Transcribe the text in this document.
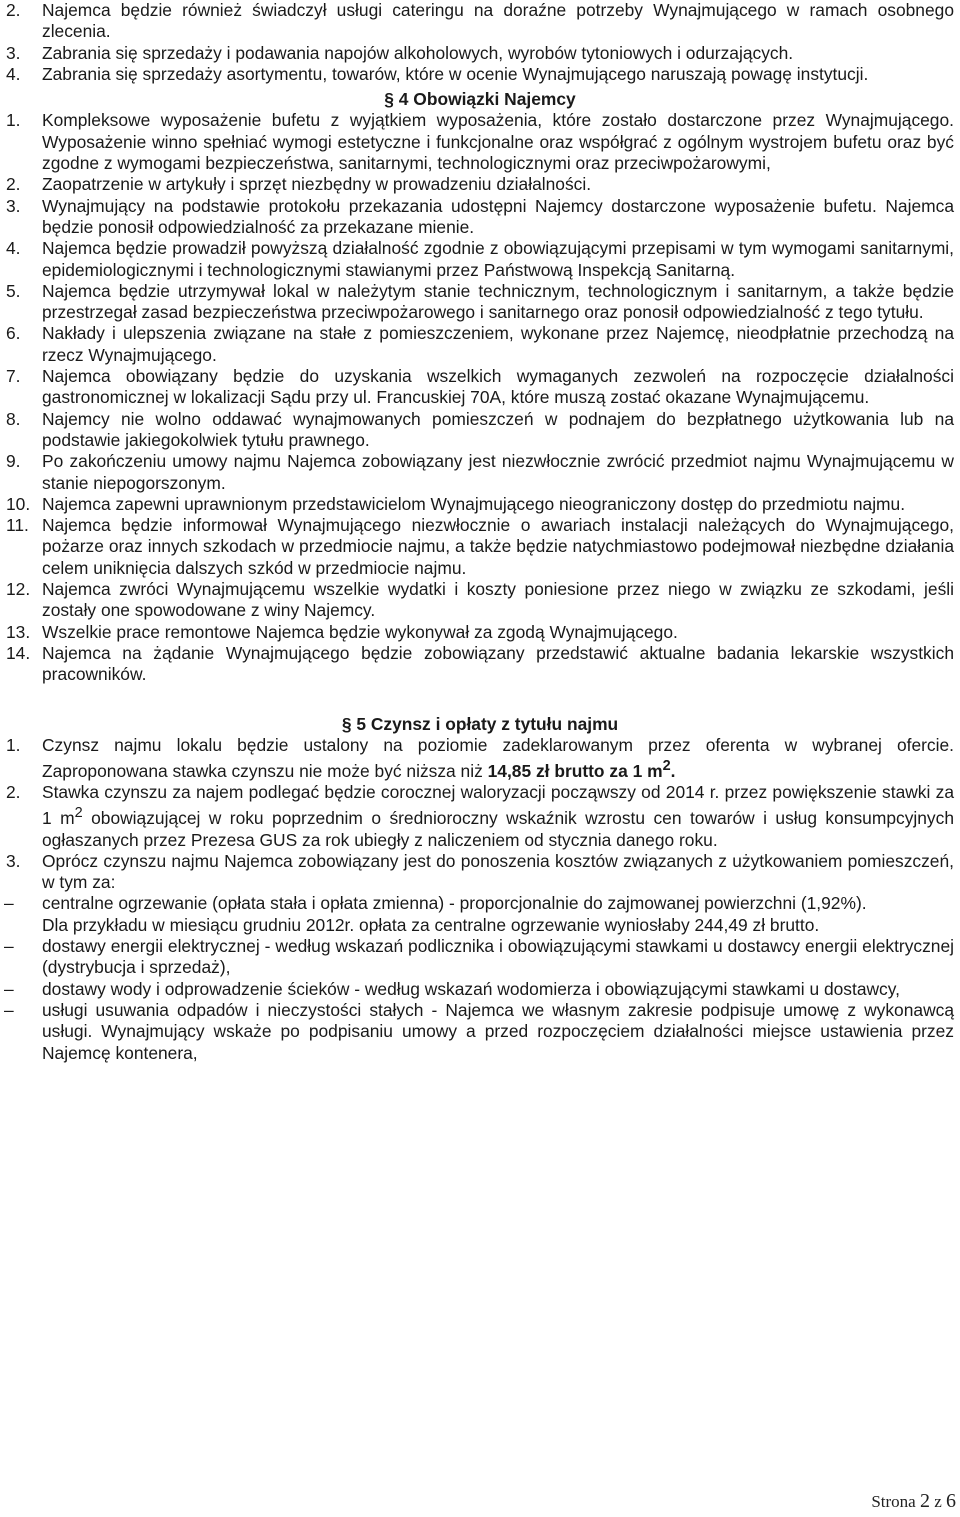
2. Najemca będzie również świadczył usługi cateringu na doraźne potrzeby Wynajmującego w ramach osobnego zlecenia.
3. Zabrania się sprzedaży i podawania napojów alkoholowych, wyrobów tytoniowych i odurzających.
4. Zabrania się sprzedaży asortymentu, towarów, które w ocenie Wynajmującego naruszają powagę instytucji.
§ 4 Obowiązki Najemcy
1. Kompleksowe wyposażenie bufetu z wyjątkiem wyposażenia, które zostało dostarczone przez Wynajmującego. Wyposażenie winno spełniać wymogi estetyczne i funkcjonalne oraz współgrać z ogólnym wystrojem bufetu oraz być zgodne z wymogami bezpieczeństwa, sanitarnymi, technologicznymi oraz przeciwpożarowymi,
2. Zaopatrzenie w artykuły i sprzęt niezbędny w prowadzeniu działalności.
3. Wynajmujący na podstawie protokołu przekazania udostępni Najemcy dostarczone wyposażenie bufetu. Najemca będzie ponosił odpowiedzialność za przekazane mienie.
4. Najemca będzie prowadził powyższą działalność zgodnie z obowiązującymi przepisami w tym wymogami sanitarnymi, epidemiologicznymi i technologicznymi stawianymi przez Państwową Inspekcją Sanitarną.
5. Najemca będzie utrzymywał lokal w należytym stanie technicznym, technologicznym i sanitarnym, a także będzie przestrzegał zasad bezpieczeństwa przeciwpożarowego i sanitarnego oraz ponosił odpowiedzialność z tego tytułu.
6. Nakłady i ulepszenia związane na stałe z pomieszczeniem, wykonane przez Najemcę, nieodpłatnie przechodzą na rzecz Wynajmującego.
7. Najemca obowiązany będzie do uzyskania wszelkich wymaganych zezwoleń na rozpoczęcie działalności gastronomicznej w lokalizacji Sądu przy ul. Francuskiej 70A, które muszą zostać okazane Wynajmującemu.
8. Najemcy nie wolno oddawać wynajmowanych pomieszczeń w podnajem do bezpłatnego użytkowania lub na podstawie jakiegokolwiek tytułu prawnego.
9. Po zakończeniu umowy najmu Najemca zobowiązany jest niezwłocznie zwrócić przedmiot najmu Wynajmującemu w stanie niepogorszonym.
10. Najemca zapewni uprawnionym przedstawicielom Wynajmującego nieograniczony dostęp do przedmiotu najmu.
11. Najemca będzie informował Wynajmującego niezwłocznie o awariach instalacji należących do Wynajmującego, pożarze oraz innych szkodach w przedmiocie najmu, a także będzie natychmiastowo podejmował niezbędne działania celem uniknięcia dalszych szkód w przedmiocie najmu.
12. Najemca zwróci Wynajmującemu wszelkie wydatki i koszty poniesione przez niego w związku ze szkodami, jeśli zostały one spowodowane z winy Najemcy.
13. Wszelkie prace remontowe Najemca będzie wykonywał za zgodą Wynajmującego.
14. Najemca na żądanie Wynajmującego będzie zobowiązany przedstawić aktualne badania lekarskie wszystkich pracowników.
§ 5 Czynsz i opłaty z tytułu najmu
1. Czynsz najmu lokalu będzie ustalony na poziomie zadeklarowanym przez oferenta w wybranej ofercie. Zaproponowana stawka czynszu nie może być niższa niż 14,85 zł brutto za 1 $m^2$.
2. Stawka czynszu za najem podlegać będzie corocznej waloryzacji począwszy od 2014 r. przez powiększenie stawki za 1 $m^2$ obowiązującej w roku poprzednim o średnioroczny wskaźnik wzrostu cen towarów i usług konsumpcyjnych ogłaszanych przez Prezesa GUS za rok ubiegły z naliczeniem od stycznia danego roku.
3. Oprócz czynszu najmu Najemca zobowiązany jest do ponoszenia kosztów związanych z użytkowaniem pomieszczeń, w tym za:
– centralne ogrzewanie (opłata stała i opłata zmienna) - proporcjonalnie do zajmowanej powierzchni (1,92%).
Dla przykładu w miesiącu grudniu 2012r. opłata za centralne ogrzewanie wyniosłaby 244,49 zł brutto.
– dostawy energii elektrycznej - według wskazań podlicznika i obowiązującymi stawkami u dostawcy energii elektrycznej (dystrybucja i sprzedaż),
– dostawy wody i odprowadzenie ścieków - według wskazań wodomierza i obowiązującymi stawkami u dostawcy,
– usługi usuwania odpadów i nieczystości stałych - Najemca we własnym zakresie podpisuje umowę z wykonawcą usługi. Wynajmujący wskaże po podpisaniu umowy a przed rozpoczęciem działalności miejsce ustawienia przez Najemcę kontenera,
Strona 2 z 6
